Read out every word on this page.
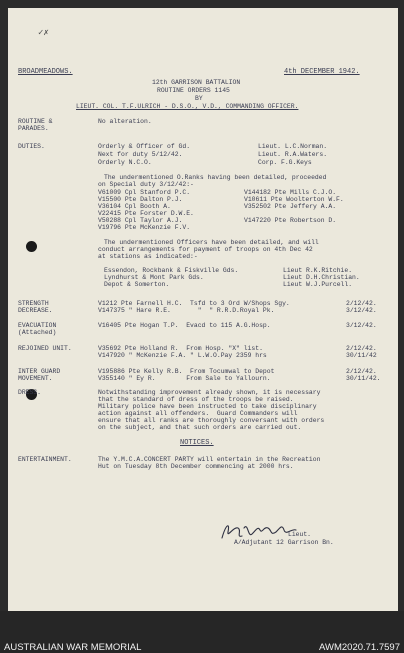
✓✗
BROADMEADOWS.	4th DECEMBER 1942.
12th GARRISON BATTALION
ROUTINE ORDERS 1145
BY
LIEUT. COL. T.F.ULRICH - D.S.O., V.D., COMMANDING OFFICER.
ROUTINE &
PARADES.
No alteration.
DUTIES.	Orderly & Officer of Gd.	Lieut. L.C.Norman.
Next for duty 5/12/42.	Lieut. R.A.Waters.
Orderly N.C.O.	Corp. F.G.Keys
The undermentioned O.Ranks having been detailed, proceeded
on Special duty 3/12/42:-
V61009 Cpl Stanford P.C.	V144182 Pte Mills C.J.O.
V15500 Pte Dalton P.J.	V10611 Pte Woolterton W.F.
V36104 Cpl Booth A.	V352502 Pte Jeffery A.A.
V22415 Pte Forster D.W.E.
V50288 Cpl Taylor A.J.	V147220 Pte Robertson D.
V19796 Pte McKenzie F.V.
The undermentioned Officers have been detailed, and will
conduct arrangements for payment of troops on 4th Dec 42
at stations as indicated:-
Essendon, Rockbank & Fiskville Gds.	Lieut R.K.Ritchie.
Lyndhurst & Mont Park Gds.	Lieut D.H.Christian.
Depot & Somerton.	Lieut W.J.Purcell.
STRENGTH
DECREASE.
V1212 Pte Farnell H.C.  Tsfd to 3 Ord W/Shops Sgy.	2/12/42.
V147375 " Hare R.E.       "  " R.R.D.Royal Pk.	3/12/42.
EVACUATION
(Attached)
V16405 Pte Hogan T.P.  Evacd to 115 A.G.Hosp.	3/12/42.
REJOINED UNIT.	V35692 Pte Holland R.  From Hosp. "X" list.	2/12/42.
V147920 " McKenzie F.A. " L.W.O.Pay 2359 hrs	30/11/42
INTER GUARD
MOVEMENT.
V195886 Pte Kelly R.B.  From Tocumwal to Depot	2/12/42.
V355140 " Ey R.        From Sale to Yallourn.	30/11/42.
DRESS.	Notwithstanding improvement already shown, it is necessary
that the standard of dress of the troops be raised.
Military police have been instructed to take disciplinary
action against all offenders.  Guard Commanders will
ensure that all ranks are thoroughly conversant with orders
on the subject, and that such orders are carried out.
NOTICES.
ENTERTAINMENT.	The Y.M.C.A.CONCERT PARTY will entertain in the Recreation
Hut on Tuesday 8th December commencing at 2000 hrs.
Lieut.
A/Adjutant 12 Garrison Bn.
AUSTRALIAN WAR MEMORIAL	AWM2020.71.7597
